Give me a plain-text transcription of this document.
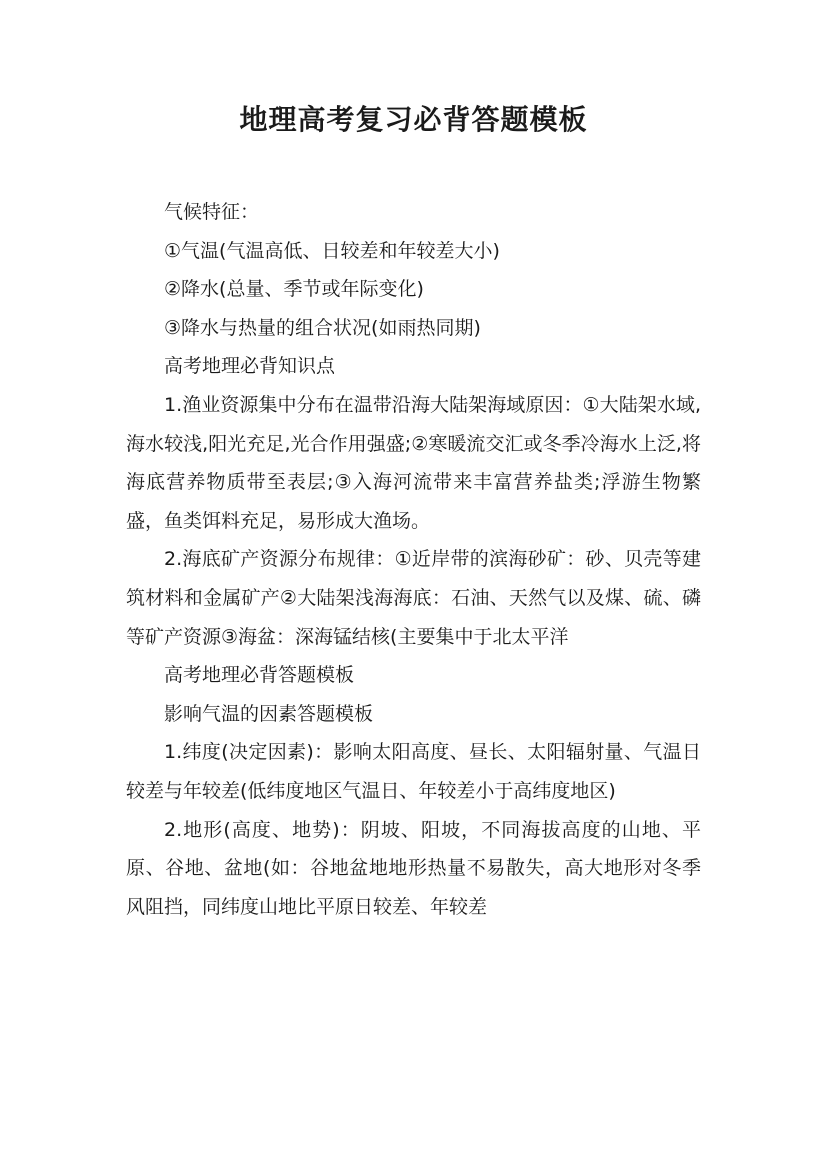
地理高考复习必背答题模板

气候特征：

①气温(气温高低、日较差和年较差大小)

②降水(总量、季节或年际变化)

③降水与热量的组合状况(如雨热同期)

高考地理必背知识点

1.渔业资源集中分布在温带沿海大陆架海域原因：①大陆架水域,海水较浅,阳光充足,光合作用强盛;②寒暖流交汇或冬季冷海水上泛,将海底营养物质带至表层;③入海河流带来丰富营养盐类;浮游生物繁盛，鱼类饵料充足，易形成大渔场。

2.海底矿产资源分布规律：①近岸带的滨海砂矿：砂、贝壳等建筑材料和金属矿产②大陆架浅海海底：石油、天然气以及煤、硫、磷等矿产资源③海盆：深海锰结核(主要集中于北太平洋

高考地理必背答题模板

影响气温的因素答题模板

1.纬度(决定因素)：影响太阳高度、昼长、太阳辐射量、气温日较差与年较差(低纬度地区气温日、年较差小于高纬度地区)

2.地形(高度、地势)：阴坡、阳坡，不同海拔高度的山地、平原、谷地、盆地(如：谷地盆地地形热量不易散失，高大地形对冬季风阻挡，同纬度山地比平原日较差、年较差
